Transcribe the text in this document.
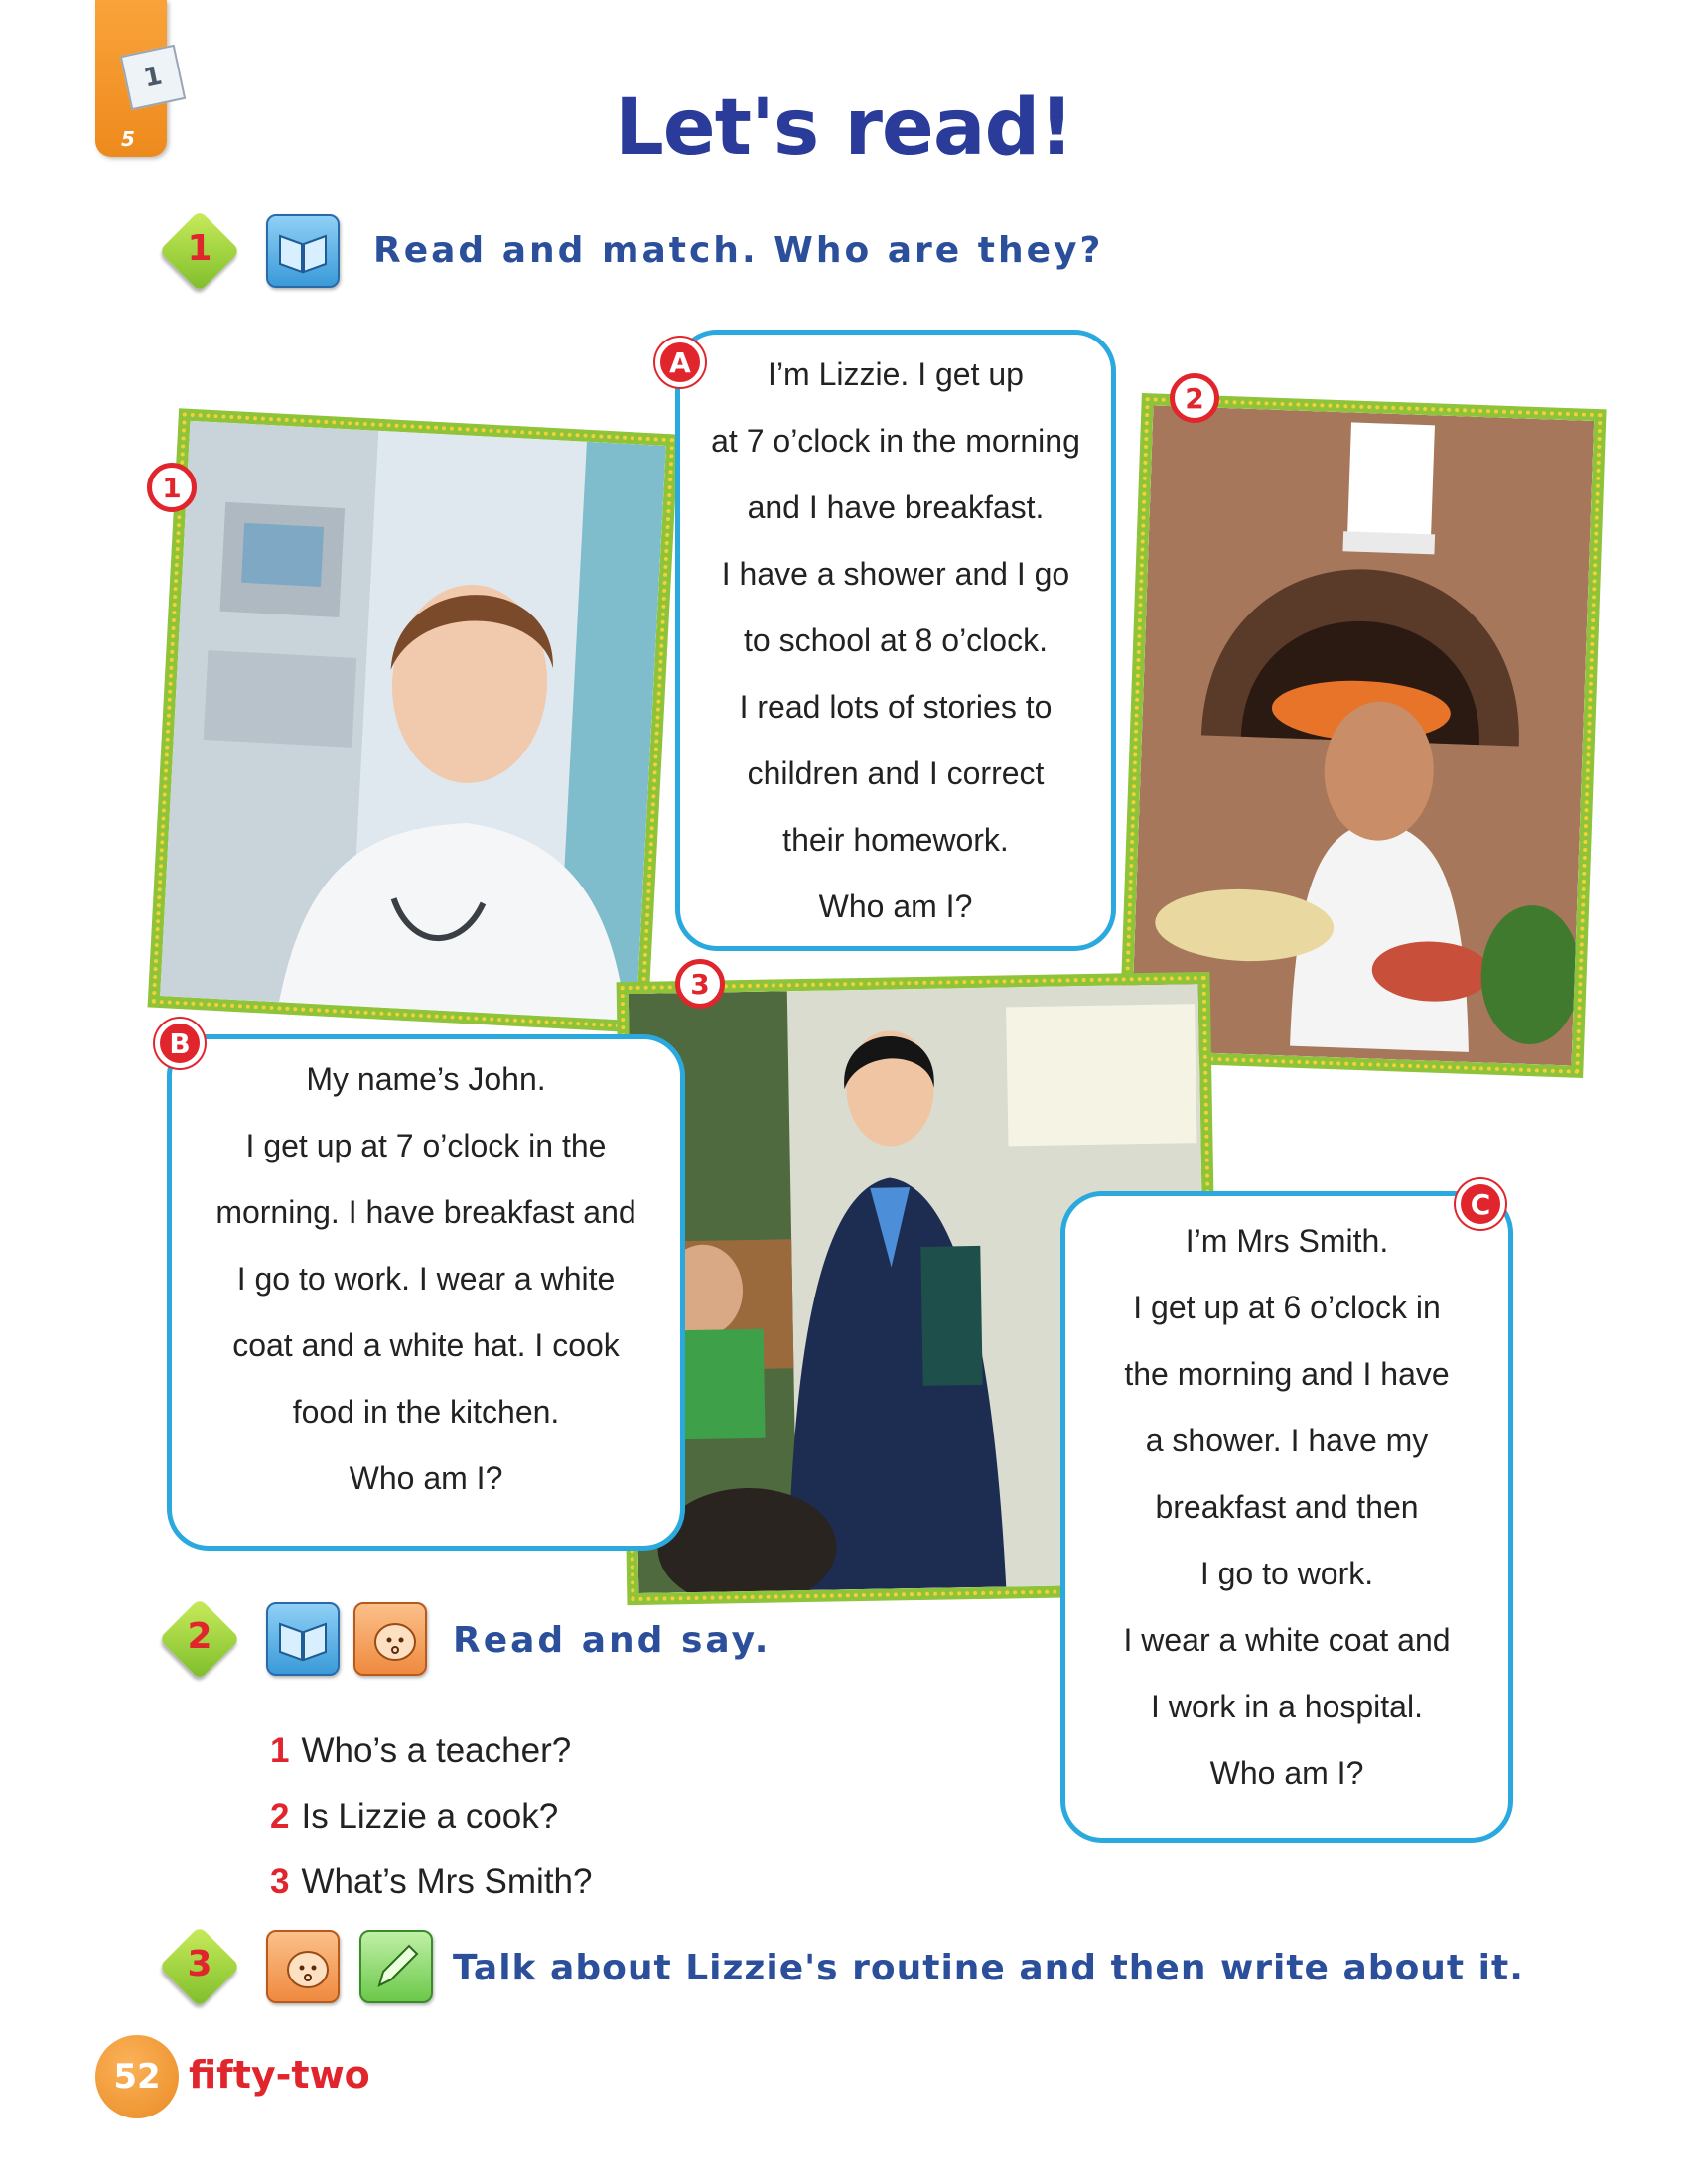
1
5	Let's read!
1	Read and match. Who are they?
1
2
3

I’m Lizzie. I get up

at 7 o’clock in the morning

and I have breakfast.

I have a shower and I go

to school at 8 o’clock.

I read lots of stories to

children and I correct

their homework.

Who am I?

A

My name’s John.

I get up at 7 o’clock in the

morning. I have breakfast and

I go to work. I wear a white

coat and a white hat. I cook

food in the kitchen.

Who am I?

B

I’m Mrs Smith.

I get up at 6 o’clock in

the morning and I have

a shower. I have my

breakfast and then

I go to work.

I wear a white coat and

I work in a hospital.

Who am I?

C
2	Read and say.
1 Who’s a teacher?
2 Is Lizzie a cook?
3 What’s Mrs Smith?
3	Talk about Lizzie's routine and then write about it.
52 fifty-two
